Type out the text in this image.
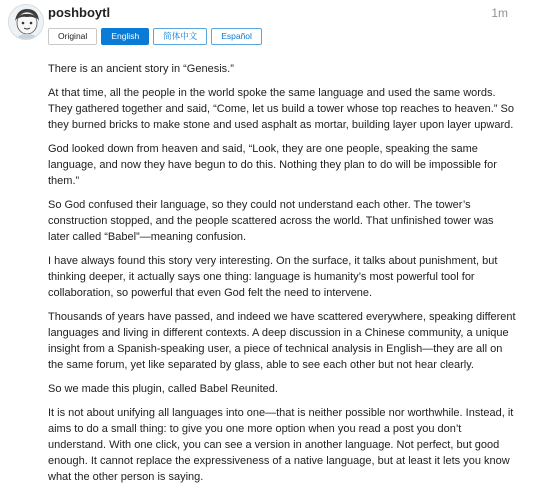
poshboytl	1m
Original	English	简体中文	Español

There is an ancient story in “Genesis.”

At that time, all the people in the world spoke the same language and used the same words. They gathered together and said, “Come, let us build a tower whose top reaches to heaven.” So they burned bricks to make stone and used asphalt as mortar, building layer upon layer upward.

God looked down from heaven and said, “Look, they are one people, speaking the same language, and now they have begun to do this. Nothing they plan to do will be impossible for them.”

So God confused their language, so they could not understand each other. The tower’s construction stopped, and the people scattered across the world. That unfinished tower was later called “Babel”—meaning confusion.

I have always found this story very interesting. On the surface, it talks about punishment, but thinking deeper, it actually says one thing: language is humanity’s most powerful tool for collaboration, so powerful that even God felt the need to intervene.

Thousands of years have passed, and indeed we have scattered everywhere, speaking different languages and living in different contexts. A deep discussion in a Chinese community, a unique insight from a Spanish-speaking user, a piece of technical analysis in English—they are all on the same forum, yet like separated by glass, able to see each other but not hear clearly.

So we made this plugin, called Babel Reunited.

It is not about unifying all languages into one—that is neither possible nor worthwhile. Instead, it aims to do a small thing: to give you one more option when you read a post you don’t understand. With one click, you can see a version in another language. Not perfect, but good enough. It cannot replace the expressiveness of a native language, but at least it lets you know what the other person is saying.
